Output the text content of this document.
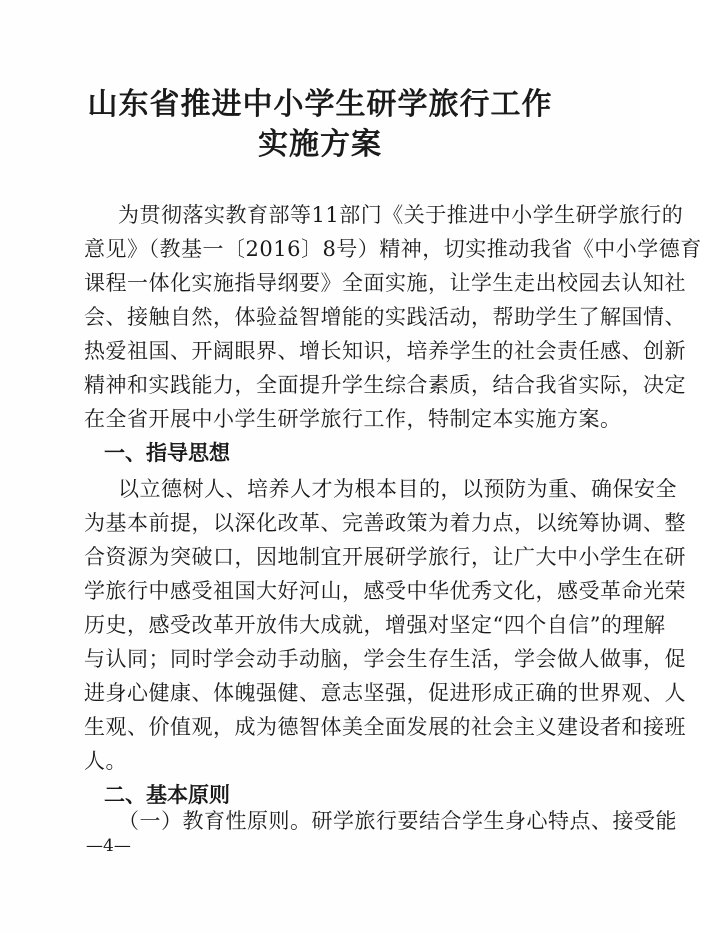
山东省推进中小学生研学旅行工作
实施方案
为贯彻落实教育部等11部门《关于推进中小学生研学旅行的
意见》（教基一〔2016〕8号）精神，切实推动我省《中小学德育
课程一体化实施指导纲要》全面实施，让学生走出校园去认知社
会、接触自然，体验益智增能的实践活动，帮助学生了解国情、
热爱祖国、开阔眼界、增长知识，培养学生的社会责任感、创新
精神和实践能力，全面提升学生综合素质，结合我省实际，决定
在全省开展中小学生研学旅行工作，特制定本实施方案。
一、指导思想
以立德树人、培养人才为根本目的，以预防为重、确保安全
为基本前提，以深化改革、完善政策为着力点，以统筹协调、整
合资源为突破口，因地制宜开展研学旅行，让广大中小学生在研
学旅行中感受祖国大好河山，感受中华优秀文化，感受革命光荣
历史，感受改革开放伟大成就，增强对坚定“四个自信”的理解
与认同；同时学会动手动脑，学会生存生活，学会做人做事，促
进身心健康、体魄强健、意志坚强，促进形成正确的世界观、人
生观、价值观，成为德智体美全面发展的社会主义建设者和接班
人。
二、基本原则
（一）教育性原则。研学旅行要结合学生身心特点、接受能
—4—
